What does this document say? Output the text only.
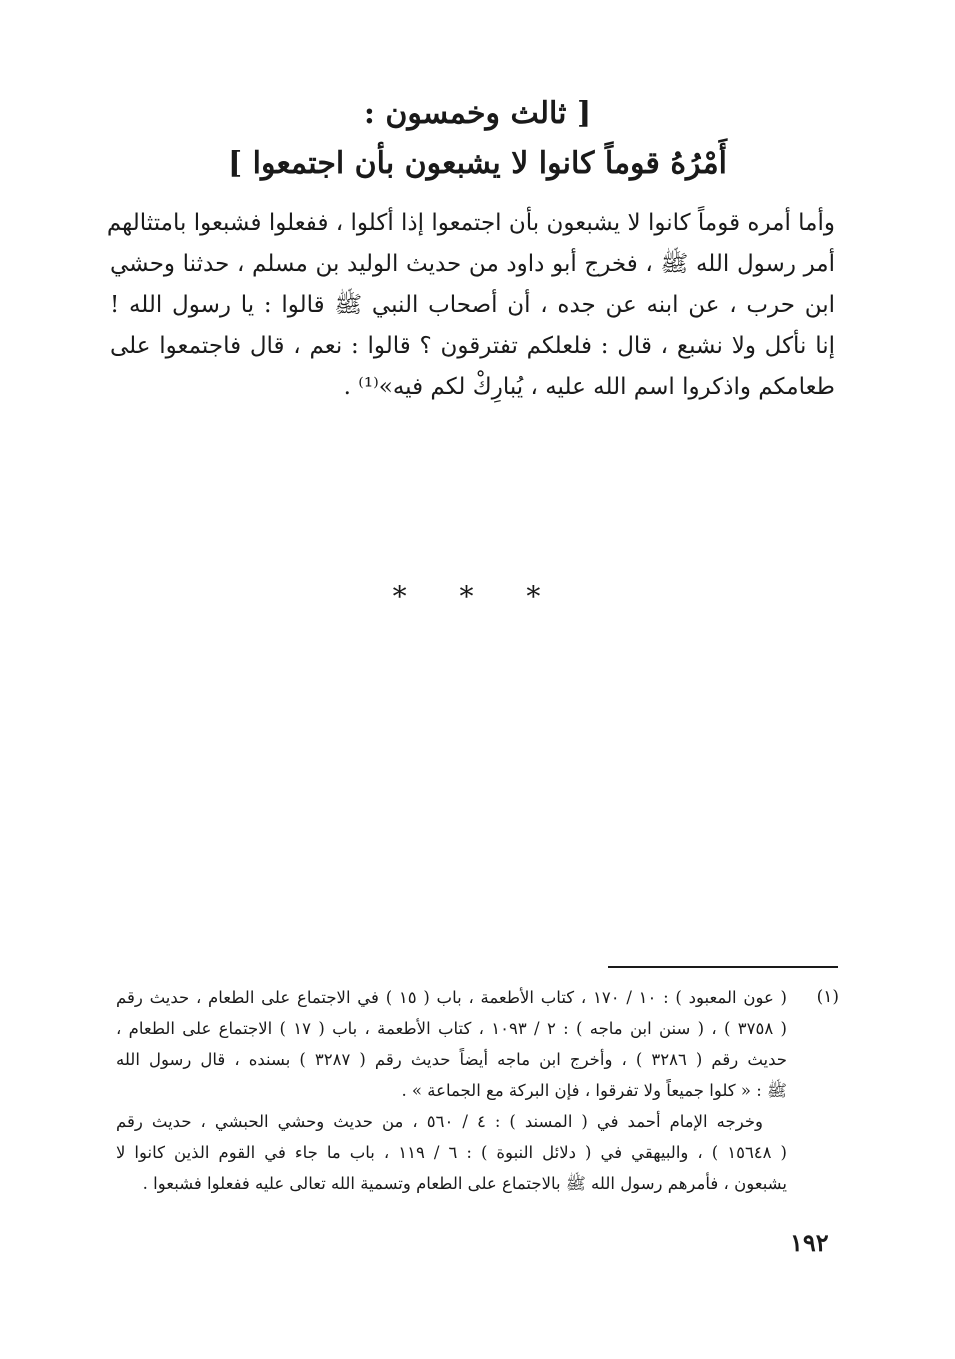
[ ثالث وخمسون :
أَمْرُهُ قوماً كانوا لا يشبعون بأن اجتمعوا ]
وأما أمره قوماً كانوا لا يشبعون بأن اجتمعوا إذا أكلوا ، ففعلوا فشبعوا بامتثالهم
أمر رسول الله ﷺ ، فخرج أبو داود من حديث الوليد بن مسلم ، حدثنا وحشي
ابن حرب ، عن ابنه عن جده ، أن أصحاب النبي ﷺ قالوا : يا رسول الله !
إنا نأكل ولا نشبع ، قال : فلعلكم تفترقون ؟ قالوا : نعم ، قال فاجتمعوا على
طعامكم واذكروا اسم الله عليه ، يُبارِكْ لكم فيه»⁽¹⁾ .
* * *
(١)
( عون المعبود ) : ١٠ / ١٧٠ ، كتاب الأطعمة ، باب ( ١٥ ) في الاجتماع على الطعام ، حديث رقم
( ٣٧٥٨ ) ، ( سنن ابن ماجه ) : ٢ / ١٠٩٣ ، كتاب الأطعمة ، باب ( ١٧ ) الاجتماع على الطعام ،
حديث رقم ( ٣٢٨٦ ) ، وأخرج ابن ماجه أيضاً حديث رقم ( ٣٢٨٧ ) بسنده ، قال رسول الله
ﷺ : « كلوا جميعاً ولا تفرقوا ، فإن البركة مع الجماعة » .
وخرجه الإمام أحمد في ( المسند ) : ٤ / ٥٦٠ ، من حديث وحشي الحبشي ، حديث رقم
( ١٥٦٤٨ ) ، والبيهقي في ( دلائل النبوة ) : ٦ / ١١٩ ، باب ما جاء في القوم الذين كانوا لا
يشبعون ، فأمرهم رسول الله ﷺ بالاجتماع على الطعام وتسمية الله تعالى عليه ففعلوا فشبعوا .
١٩٢
